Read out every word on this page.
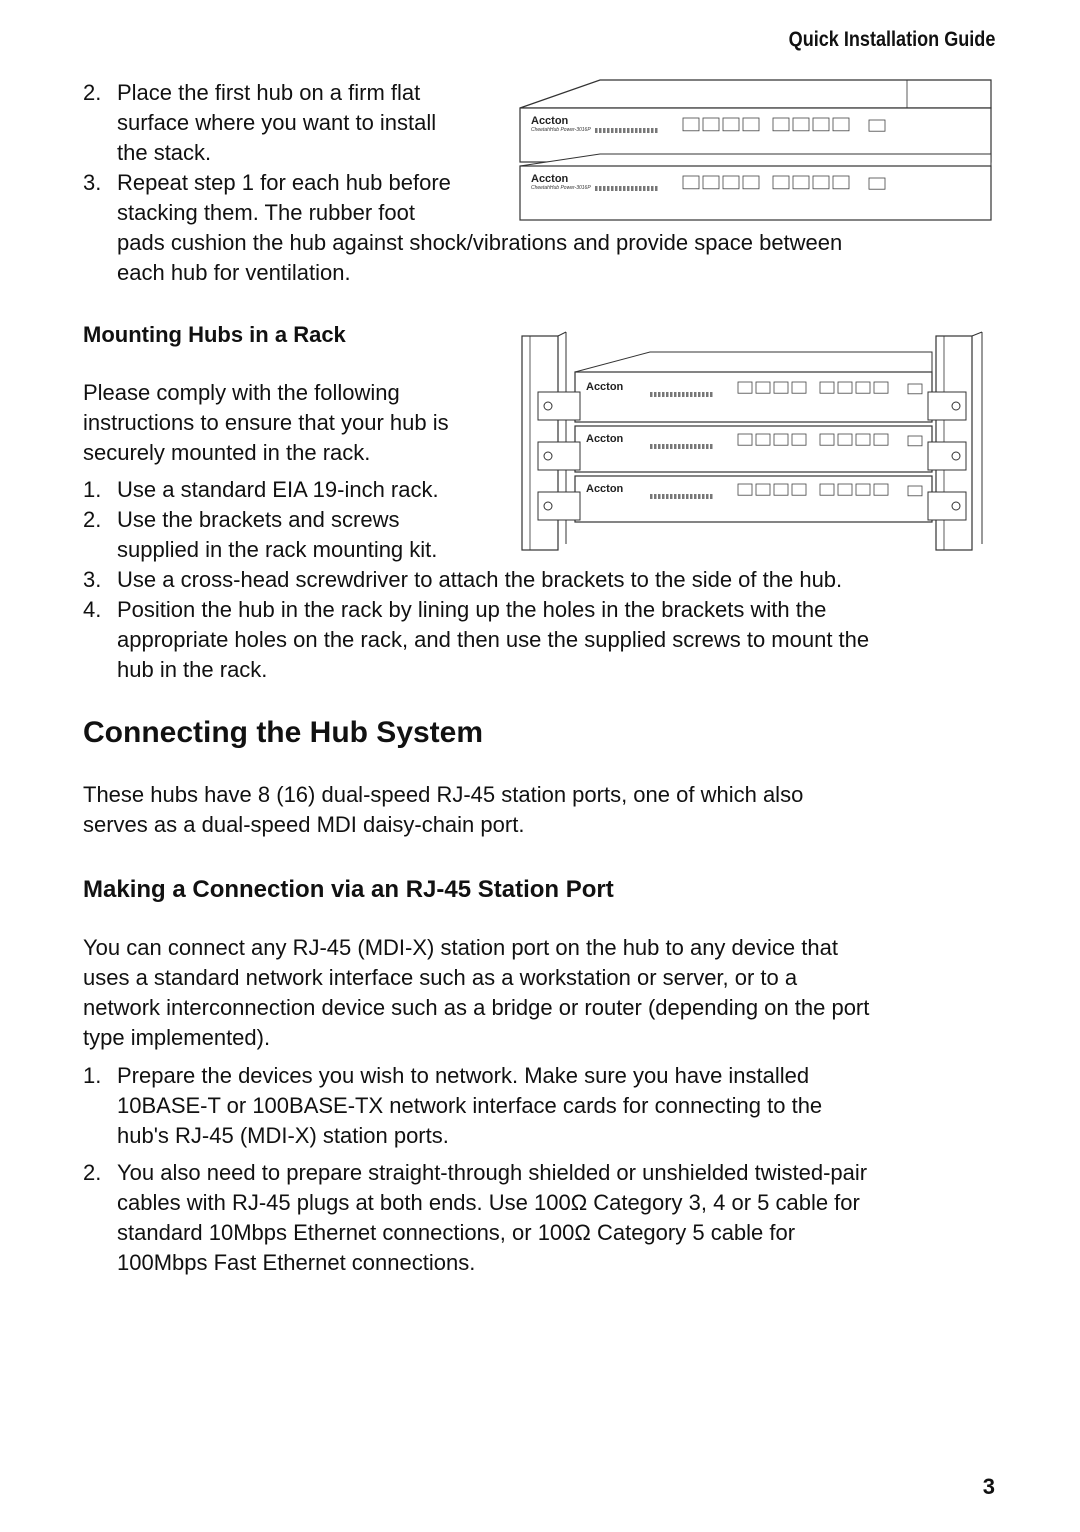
Quick Installation Guide
2. Place the first hub on a firm flat
surface where you want to install
the stack.
3. Repeat step 1 for each hub before
stacking them. The rubber foot
pads cushion the hub against shock/vibrations and provide space between
each hub for ventilation.
Accton
CheetahHub Power-3016P
Accton
CheetahHub Power-3016P
Mounting Hubs in a Rack
Please comply with the following
instructions to ensure that your hub is
securely mounted in the rack.
1. Use a standard EIA 19-inch rack.
2. Use the brackets and screws
supplied in the rack mounting kit.
3. Use a cross-head screwdriver to attach the brackets to the side of the hub.
4. Position the hub in the rack by lining up the holes in the brackets with the
appropriate holes on the rack, and then use the supplied screws to mount the
hub in the rack.
Accton
Accton
Accton
Connecting the Hub System
These hubs have 8 (16) dual-speed RJ-45 station ports, one of which also
serves as a dual-speed MDI daisy-chain port.
Making a Connection via an RJ-45 Station Port
You can connect any RJ-45 (MDI-X) station port on the hub to any device that
uses a standard network interface such as a workstation or server, or to a
network interconnection device such as a bridge or router (depending on the port
type implemented).
1. Prepare the devices you wish to network. Make sure you have installed
10BASE-T or 100BASE-TX network interface cards for connecting to the
hub's RJ-45 (MDI-X) station ports.
2. You also need to prepare straight-through shielded or unshielded twisted-pair
cables with RJ-45 plugs at both ends. Use 100Ω Category 3, 4 or 5 cable for
standard 10Mbps Ethernet connections, or 100Ω Category 5 cable for
100Mbps Fast Ethernet connections.
3
